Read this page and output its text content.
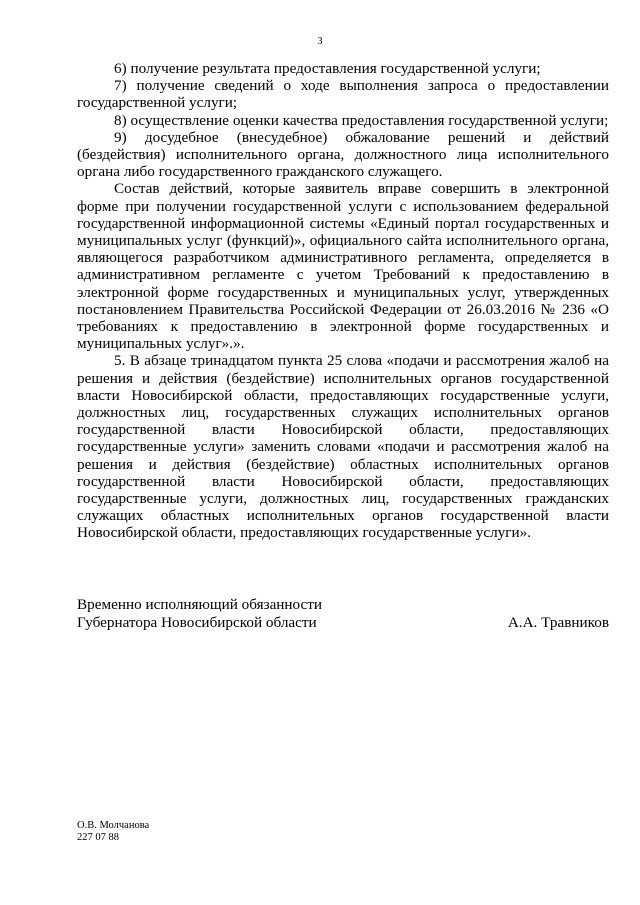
3

6) получение результата предоставления государственной услуги;

7) получение сведений о ходе выполнения запроса о предоставлении государственной услуги;

8) осуществление оценки качества предоставления государственной услуги;

9) досудебное (внесудебное) обжалование решений и действий (бездействия) исполнительного органа, должностного лица исполнительного органа либо государственного гражданского служащего.

Состав действий, которые заявитель вправе совершить в электронной форме при получении государственной услуги с использованием федеральной государственной информационной системы «Единый портал государственных и муниципальных услуг (функций)», официального сайта исполнительного органа, являющегося разработчиком административного регламента, определяется в административном регламенте с учетом Требований к предоставлению в электронной форме государственных и муниципальных услуг, утвержденных постановлением Правительства Российской Федерации от 26.03.2016 № 236 «О требованиях к предоставлению в электронной форме государственных и муниципальных услуг».».

5. В абзаце тринадцатом пункта 25 слова «подачи и рассмотрения жалоб на решения и действия (бездействие) исполнительных органов государственной власти Новосибирской области, предоставляющих государственные услуги, должностных лиц, государственных служащих исполнительных органов государственной власти Новосибирской области, предоставляющих государственные услуги» заменить словами «подачи и рассмотрения жалоб на решения и действия (бездействие) областных исполнительных органов государственной власти Новосибирской области, предоставляющих государственные услуги, должностных лиц, государственных гражданских служащих областных исполнительных органов государственной власти Новосибирской области, предоставляющих государственные услуги».

Временно исполняющий обязанности
Губернатора Новосибирской области	А.А. Травников
О.В. Молчанова
227 07 88
